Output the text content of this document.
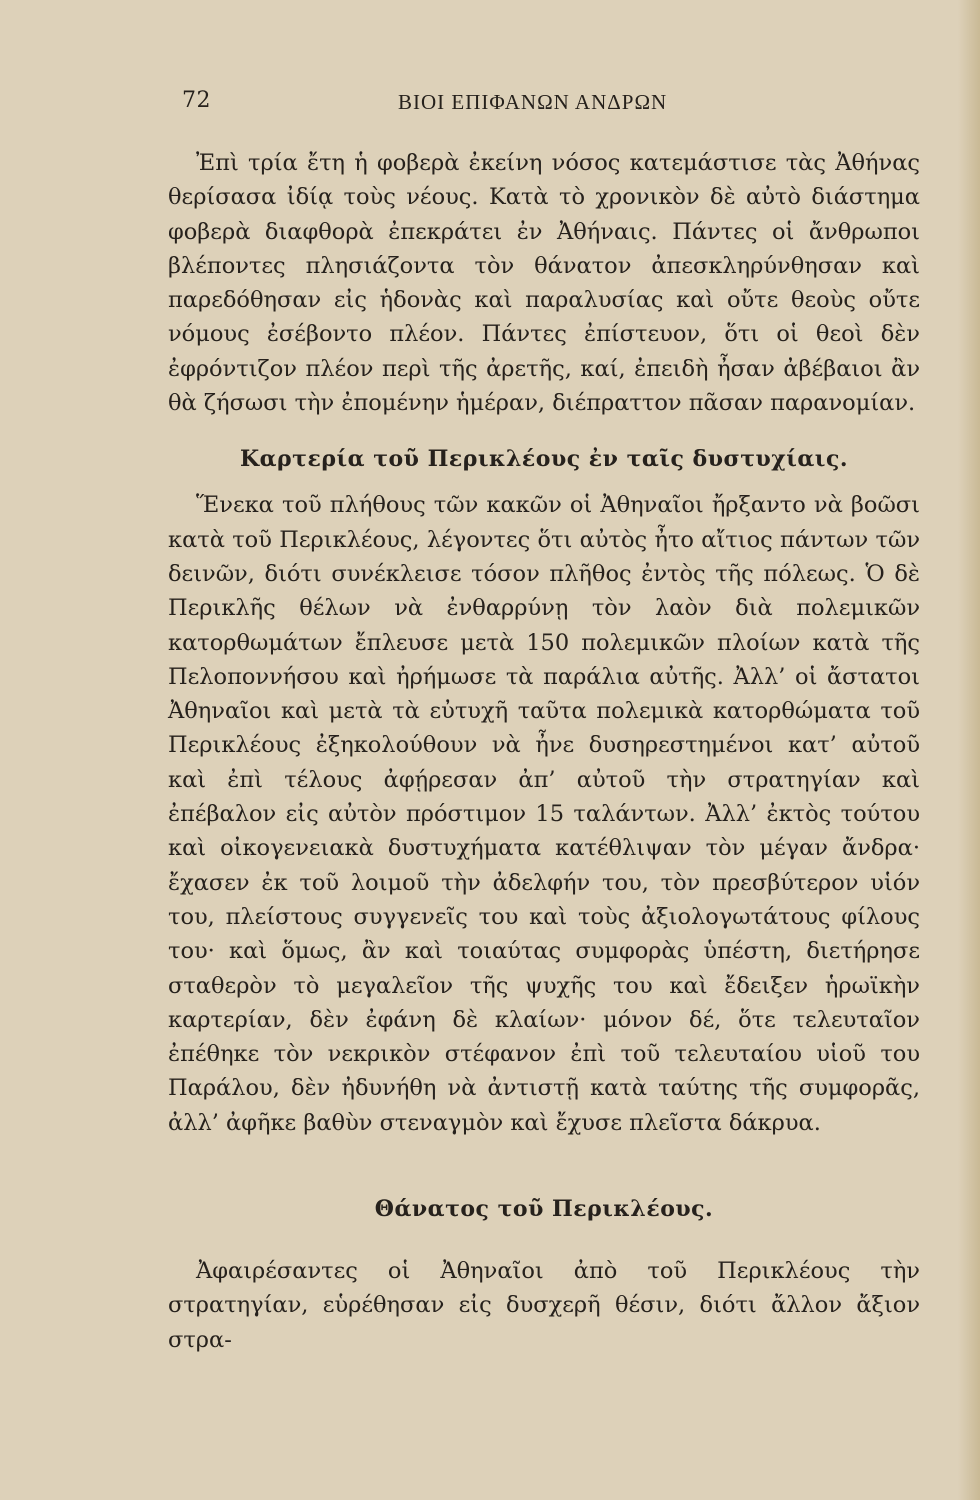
72	ΒΙΟΙ ΕΠΙΦΑΝΩΝ ΑΝΔΡΩΝ

Ἐπὶ τρία ἔτη ἡ φοβερὰ ἐκείνη νόσος κατεμάστισε τὰς Ἀθήνας θερίσασα ἰδίᾳ τοὺς νέους. Κατὰ τὸ χρονικὸν δὲ αὐτὸ διάστημα φοβερὰ διαφθορὰ ἐπεκράτει ἐν Ἀθήναις. Πάντες οἱ ἄνθρωποι βλέποντες πλησιάζοντα τὸν θάνατον ἀπεσκληρύνθησαν καὶ παρεδόθησαν εἰς ἡδονὰς καὶ παραλυσίας καὶ οὔτε θεοὺς οὔτε νόμους ἐσέβοντο πλέον. Πάντες ἐπίστευον, ὅτι οἱ θεοὶ δὲν ἐφρόντιζον πλέον περὶ τῆς ἀρετῆς, καί, ἐπειδὴ ἦσαν ἀβέβαιοι ἂν θὰ ζήσωσι τὴν ἐπομένην ἡμέραν, διέπραττον πᾶσαν παρανομίαν.

Καρτερία τοῦ Περικλέους ἐν ταῖς δυστυχίαις.

Ἕνεκα τοῦ πλήθους τῶν κακῶν οἱ Ἀθηναῖοι ἤρξαντο νὰ βοῶσι κατὰ τοῦ Περικλέους, λέγοντες ὅτι αὐτὸς ἦτο αἴτιος πάντων τῶν δεινῶν, διότι συνέκλεισε τόσον πλῆθος ἐντὸς τῆς πόλεως. Ὁ δὲ Περικλῆς θέλων νὰ ἐνθαρρύνῃ τὸν λαὸν διὰ πολεμικῶν κατορθωμάτων ἔπλευσε μετὰ 150 πολεμικῶν πλοίων κατὰ τῆς Πελοποννήσου καὶ ἠρήμωσε τὰ παράλια αὐτῆς. Ἀλλ’ οἱ ἄστατοι Ἀθηναῖοι καὶ μετὰ τὰ εὐτυχῆ ταῦτα πολεμικὰ κατορθώματα τοῦ Περικλέους ἐξηκολούθουν νὰ ἦνε δυσηρεστημένοι κατ’ αὐτοῦ καὶ ἐπὶ τέλους ἀφῄρεσαν ἀπ’ αὐτοῦ τὴν στρατηγίαν καὶ ἐπέβαλον εἰς αὐτὸν πρόστιμον 15 ταλάντων. Ἀλλ’ ἐκτὸς τούτου καὶ οἰκογενειακὰ δυστυχήματα κατέθλιψαν τὸν μέγαν ἄνδρα· ἔχασεν ἐκ τοῦ λοιμοῦ τὴν ἀδελφήν του, τὸν πρεσβύτερον υἱόν του, πλείστους συγγενεῖς του καὶ τοὺς ἀξιολογωτάτους φίλους του· καὶ ὅμως, ἂν καὶ τοιαύτας συμφορὰς ὑπέστη, διετήρησε σταθερὸν τὸ μεγαλεῖον τῆς ψυχῆς του καὶ ἔδειξεν ἡρωϊκὴν καρτερίαν, δὲν ἐφάνη δὲ κλαίων· μόνον δέ, ὅτε τελευταῖον ἐπέθηκε τὸν νεκρικὸν στέφανον ἐπὶ τοῦ τελευταίου υἱοῦ του Παράλου, δὲν ἠδυνήθη νὰ ἀντιστῇ κατὰ ταύτης τῆς συμφορᾶς, ἀλλ’ ἀφῆκε βαθὺν στεναγμὸν καὶ ἔχυσε πλεῖστα δάκρυα.

Θάνατος τοῦ Περικλέους.

Ἀφαιρέσαντες οἱ Ἀθηναῖοι ἀπὸ τοῦ Περικλέους τὴν στρατηγίαν, εὑρέθησαν εἰς δυσχερῆ θέσιν, διότι ἄλλον ἄξιον στρα-
